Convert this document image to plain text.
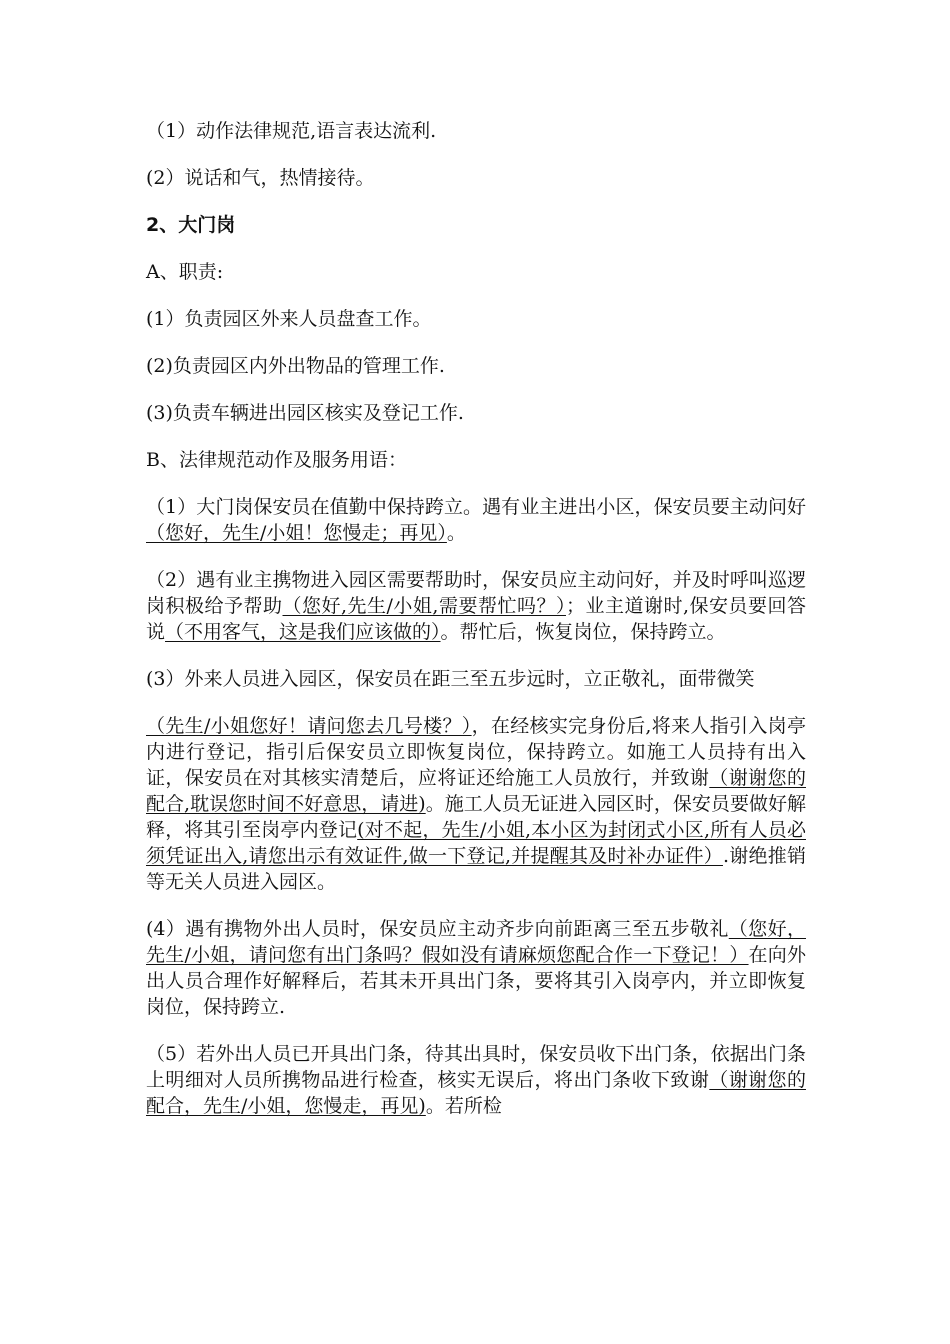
（1）动作法律规范,语言表达流利.

(2）说话和气，热情接待。

2、大门岗

A、职责:

(1）负责园区外来人员盘查工作。

(2)负责园区内外出物品的管理工作.

(3)负责车辆进出园区核实及登记工作.

B、法律规范动作及服务用语：

（1）大门岗保安员在值勤中保持跨立。遇有业主进出小区，保安员要主动问好（您好，先生/小姐！您慢走；再见）。

（2）遇有业主携物进入园区需要帮助时，保安员应主动问好，并及时呼叫巡逻岗积极给予帮助（您好,先生/小姐,需要帮忙吗？）；业主道谢时,保安员要回答说（不用客气，这是我们应该做的）。帮忙后，恢复岗位，保持跨立。

(3）外来人员进入园区，保安员在距三至五步远时，立正敬礼，面带微笑

（先生/小姐您好！请问您去几号楼？），在经核实完身份后,将来人指引入岗亭内进行登记，指引后保安员立即恢复岗位，保持跨立。如施工人员持有出入证，保安员在对其核实清楚后，应将证还给施工人员放行，并致谢（谢谢您的配合,耽误您时间不好意思，请进)。施工人员无证进入园区时，保安员要做好解释，将其引至岗亭内登记(对不起，先生/小姐,本小区为封闭式小区,所有人员必须凭证出入,请您出示有效证件,做一下登记,并提醒其及时补办证件）.谢绝推销等无关人员进入园区。

(4）遇有携物外出人员时，保安员应主动齐步向前距离三至五步敬礼（您好，先生/小姐，请问您有出门条吗？假如没有请麻烦您配合作一下登记！）在向外出人员合理作好解释后，若其未开具出门条，要将其引入岗亭内，并立即恢复岗位，保持跨立.

（5）若外出人员已开具出门条，待其出具时，保安员收下出门条，依据出门条上明细对人员所携物品进行检查，核实无误后，将出门条收下致谢（谢谢您的配合，先生/小姐，您慢走，再见)。若所检
